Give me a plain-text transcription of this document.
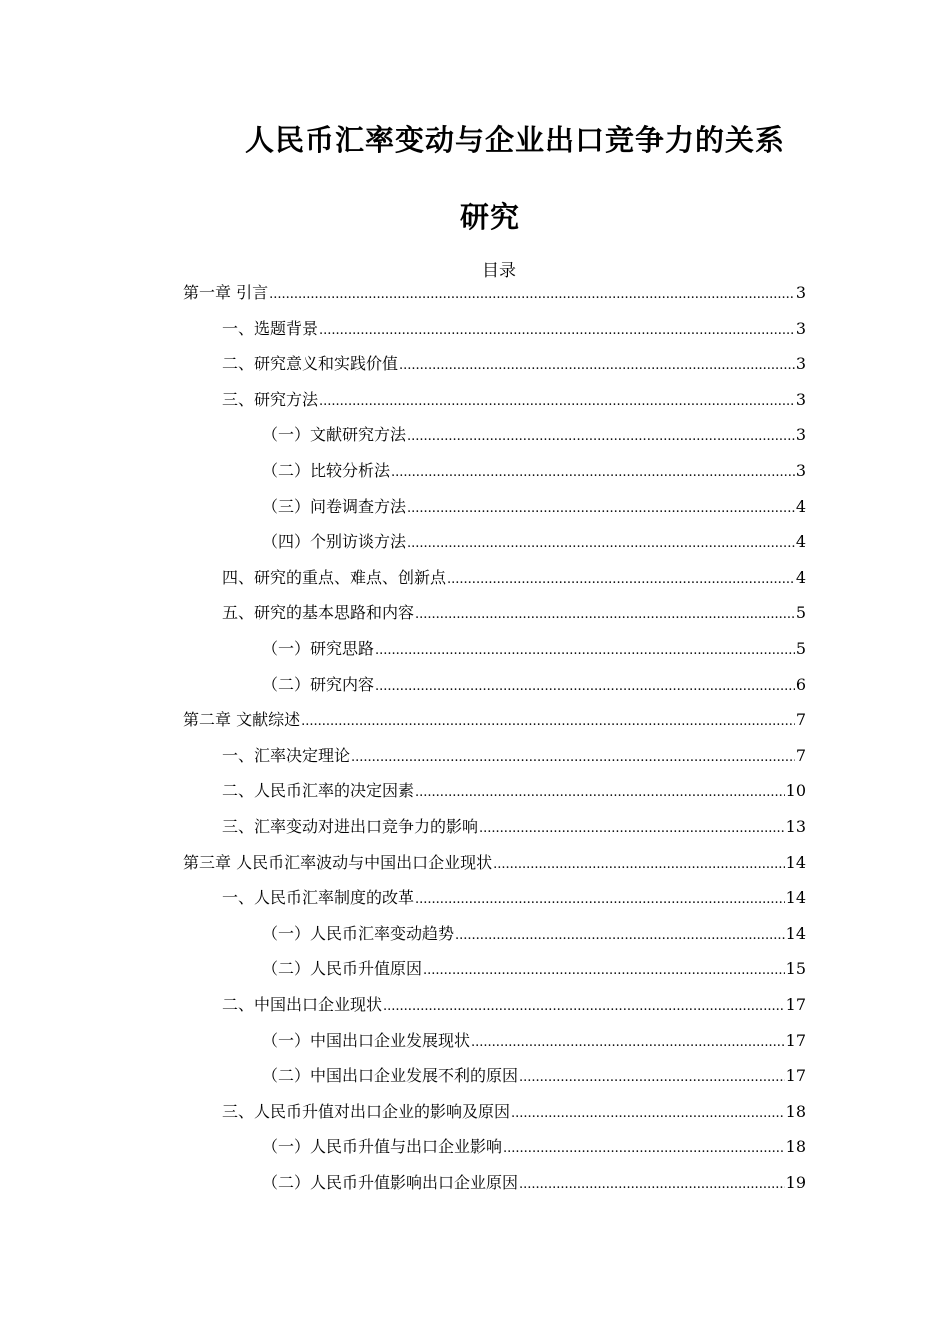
人民币汇率变动与企业出口竞争力的关系
研究
目录
第一章 引言 .....	3
一、选题背景 .....	3
二、研究意义和实践价值 .....	3
三、研究方法 .....	3
（一）文献研究方法 .....	3
（二）比较分析法 .....	3
（三）问卷调查方法 .....	4
（四）个别访谈方法 .....	4
四、研究的重点、难点、创新点 .....	4
五、研究的基本思路和内容 .....	5
（一）研究思路 .....	5
（二）研究内容 .....	6
第二章 文献综述 .....	7
一、汇率决定理论 .....	7
二、人民币汇率的决定因素 .....	10
三、汇率变动对进出口竞争力的影响 .....	13
第三章 人民币汇率波动与中国出口企业现状 .....	14
一、人民币汇率制度的改革 .....	14
（一）人民币汇率变动趋势 .....	14
（二）人民币升值原因 .....	15
二、中国出口企业现状 .....	17
（一）中国出口企业发展现状 .....	17
（二）中国出口企业发展不利的原因 .....	17
三、人民币升值对出口企业的影响及原因 .....	18
（一）人民币升值与出口企业影响 .....	18
（二）人民币升值影响出口企业原因 .....	19
